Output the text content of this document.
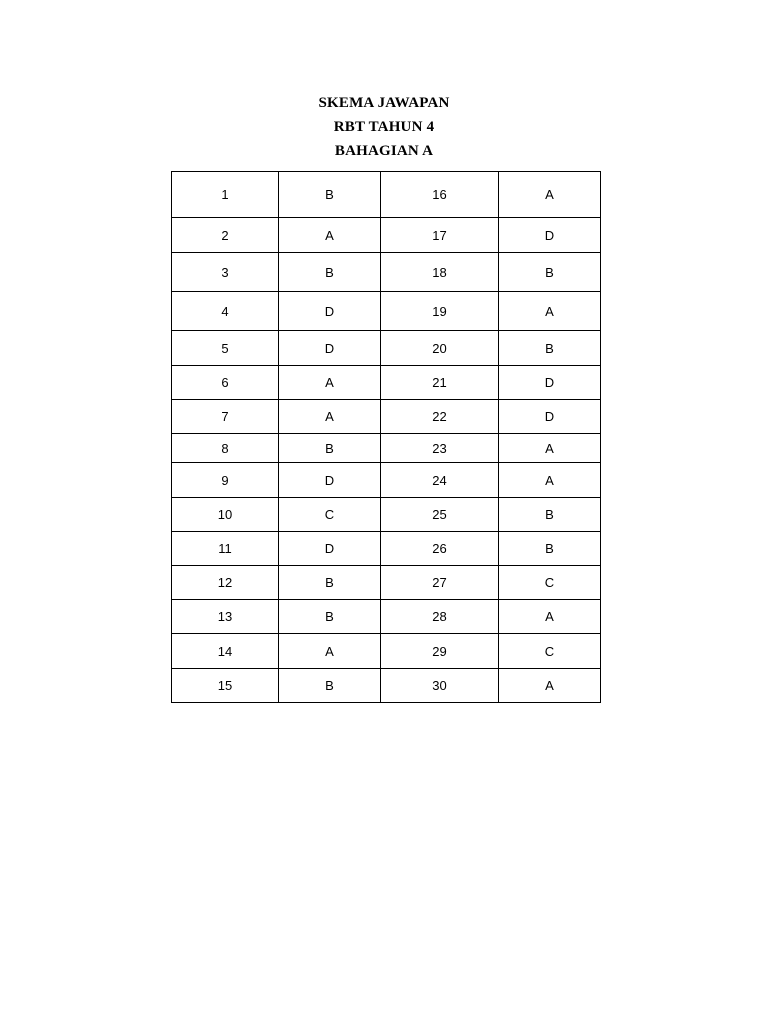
SKEMA JAWAPAN
RBT TAHUN 4
BAHAGIAN A
1	B	16	A
2	A	17	D
3	B	18	B
4	D	19	A
5	D	20	B
6	A	21	D
7	A	22	D
8	B	23	A
9	D	24	A
10	C	25	B
11	D	26	B
12	B	27	C
13	B	28	A
14	A	29	C
15	B	30	A
